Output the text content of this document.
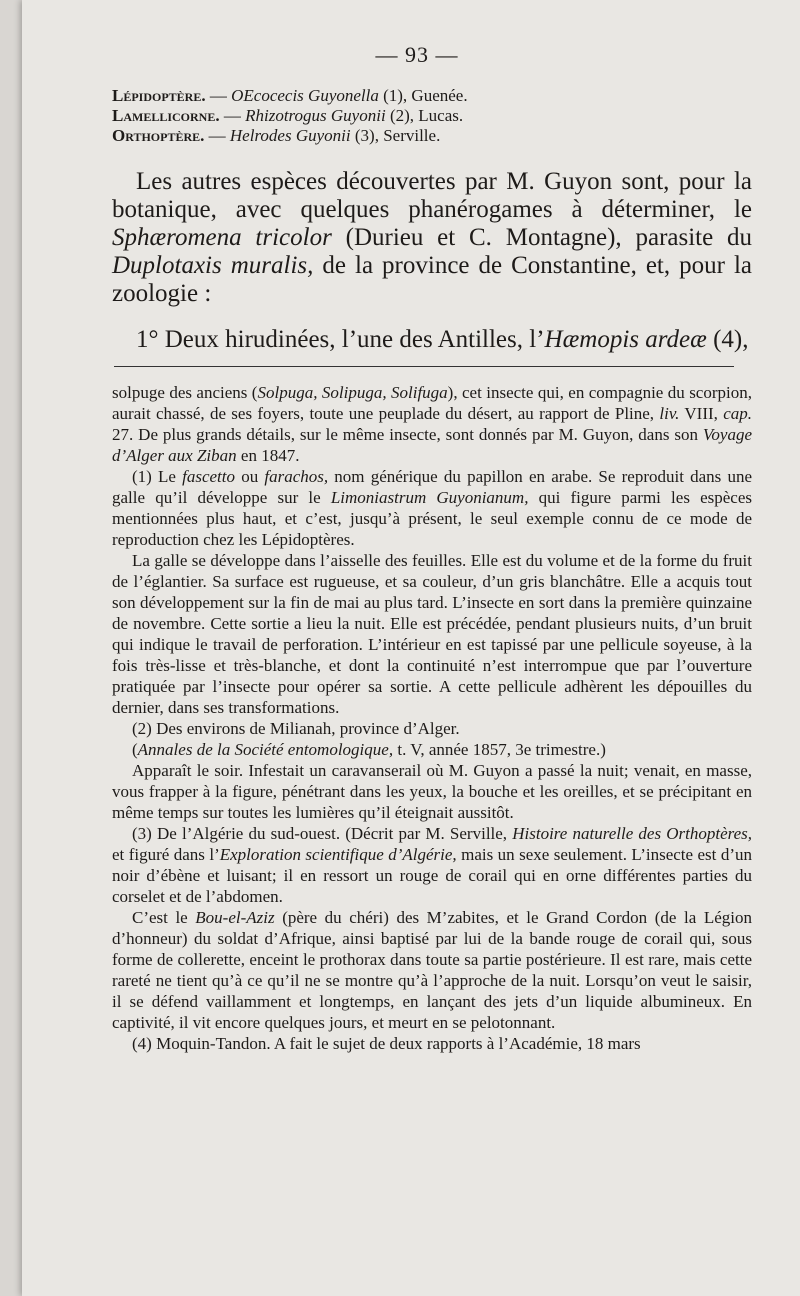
— 93 —
Lépidoptère. — OEcocecis Guyonella (1), Guenée.
Lamellicorne. — Rhizotrogus Guyonii (2), Lucas.
Orthoptère. — Helrodes Guyonii (3), Serville.

Les autres espèces découvertes par M. Guyon sont, pour la botanique, avec quelques phanérogames à déterminer, le Sphæromena tricolor (Durieu et C. Montagne), parasite du Duplotaxis muralis, de la province de Constantine, et, pour la zoologie :

1° Deux hirudinées, l’une des Antilles, l’Hæmopis ardeæ (4),

solpuge des anciens (Solpuga, Solipuga, Solifuga), cet insecte qui, en compagnie du scorpion, aurait chassé, de ses foyers, toute une peuplade du désert, au rapport de Pline, liv. VIII, cap. 27. De plus grands détails, sur le même insecte, sont donnés par M. Guyon, dans son Voyage d’Alger aux Ziban en 1847.

(1) Le fascetto ou farachos, nom générique du papillon en arabe. Se reproduit dans une galle qu’il développe sur le Limoniastrum Guyonianum, qui figure parmi les espèces mentionnées plus haut, et c’est, jusqu’à présent, le seul exemple connu de ce mode de reproduction chez les Lépidoptères.

La galle se développe dans l’aisselle des feuilles. Elle est du volume et de la forme du fruit de l’églantier. Sa surface est rugueuse, et sa couleur, d’un gris blanchâtre. Elle a acquis tout son développement sur la fin de mai au plus tard. L’insecte en sort dans la première quinzaine de novembre. Cette sortie a lieu la nuit. Elle est précédée, pendant plusieurs nuits, d’un bruit qui indique le travail de perforation. L’intérieur en est tapissé par une pellicule soyeuse, à la fois très-lisse et très-blanche, et dont la continuité n’est interrompue que par l’ouverture pratiquée par l’insecte pour opérer sa sortie. A cette pellicule adhèrent les dépouilles du dernier, dans ses transformations.

(2) Des environs de Milianah, province d’Alger.

(Annales de la Société entomologique, t. V, année 1857, 3e trimestre.)

Apparaît le soir. Infestait un caravanserail où M. Guyon a passé la nuit; venait, en masse, vous frapper à la figure, pénétrant dans les yeux, la bouche et les oreilles, et se précipitant en même temps sur toutes les lumières qu’il éteignait aussitôt.

(3) De l’Algérie du sud-ouest. (Décrit par M. Serville, Histoire naturelle des Orthoptères, et figuré dans l’Exploration scientifique d’Algérie, mais un sexe seulement. L’insecte est d’un noir d’ébène et luisant; il en ressort un rouge de corail qui en orne différentes parties du corselet et de l’abdomen.

C’est le Bou-el-Aziz (père du chéri) des M’zabites, et le Grand Cordon (de la Légion d’honneur) du soldat d’Afrique, ainsi baptisé par lui de la bande rouge de corail qui, sous forme de collerette, enceint le prothorax dans toute sa partie postérieure. Il est rare, mais cette rareté ne tient qu’à ce qu’il ne se montre qu’à l’approche de la nuit. Lorsqu’on veut le saisir, il se défend vaillamment et longtemps, en lançant des jets d’un liquide albumineux. En captivité, il vit encore quelques jours, et meurt en se pelotonnant.

(4) Moquin-Tandon. A fait le sujet de deux rapports à l’Académie, 18 mars
